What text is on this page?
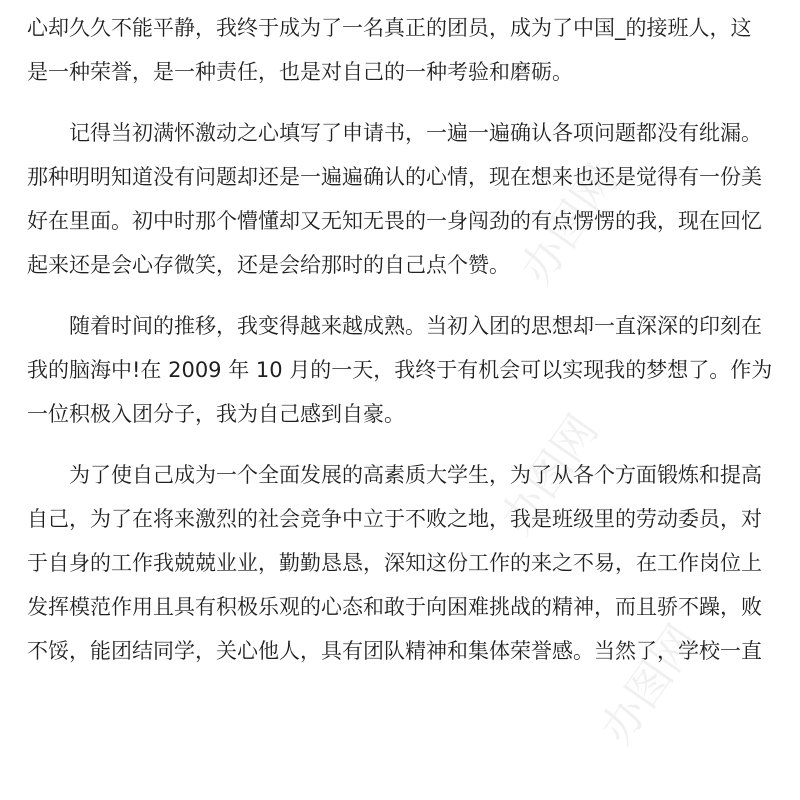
办图网
办图网
办图网
心却久久不能平静，我终于成为了一名真正的团员，成为了中国_的接班人，这
是一种荣誉，是一种责任，也是对自己的一种考验和磨砺。
记得当初满怀激动之心填写了申请书，一遍一遍确认各项问题都没有纰漏。
那种明明知道没有问题却还是一遍遍确认的心情，现在想来也还是觉得有一份美
好在里面。初中时那个懵懂却又无知无畏的一身闯劲的有点愣愣的我，现在回忆
起来还是会心存微笑，还是会给那时的自己点个赞。
随着时间的推移，我变得越来越成熟。当初入团的思想却一直深深的印刻在
我的脑海中!在 2009 年 10 月的一天，我终于有机会可以实现我的梦想了。作为
一位积极入团分子，我为自己感到自豪。
为了使自己成为一个全面发展的高素质大学生，为了从各个方面锻炼和提高
自己，为了在将来激烈的社会竞争中立于不败之地，我是班级里的劳动委员，对
于自身的工作我兢兢业业，勤勤恳恳，深知这份工作的来之不易，在工作岗位上
发挥模范作用且具有积极乐观的心态和敢于向困难挑战的精神，而且骄不躁，败
不馁，能团结同学，关心他人，具有团队精神和集体荣誉感。当然了，学校一直
